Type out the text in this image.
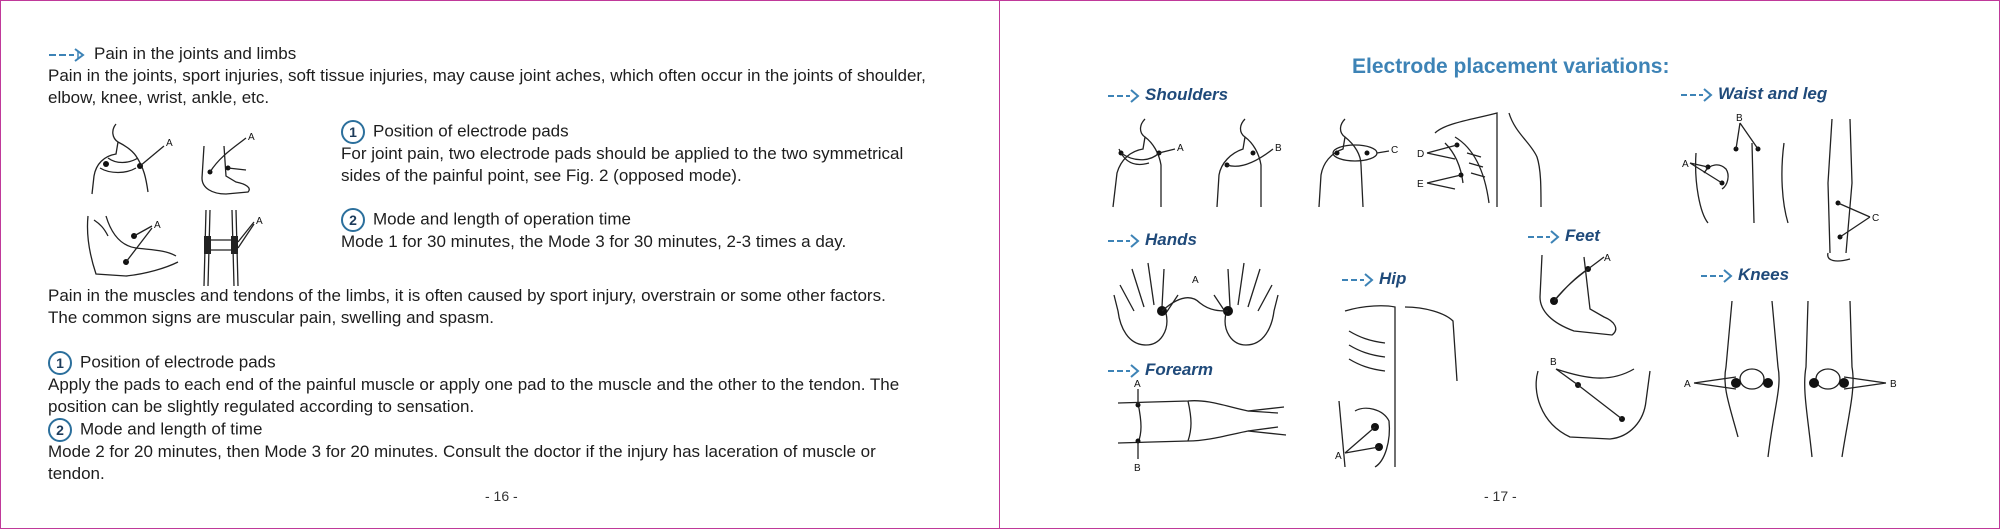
Pain in the joints and limbs
Pain in the joints, sport injuries, soft tissue injuries, may cause joint aches, which often occur in the joints of shoulder,
elbow, knee, wrist, ankle, etc.
A
A
A	A
1 Position of electrode pads
For joint pain, two electrode pads should be applied to the two symmetrical
sides of the painful point, see Fig. 2 (opposed mode).
2 Mode and length of operation time
Mode 1 for 30 minutes, the Mode 3 for 30 minutes, 2-3 times a day.
Pain in the muscles and tendons of the limbs, it is often caused by sport injury, overstrain or some other factors.
The common signs are muscular pain, swelling and spasm.
1 Position of electrode pads
Apply the pads to each end of the painful muscle or apply one pad to the muscle and the other to the tendon. The
position can be slightly regulated according to sensation.
2 Mode and length of time
Mode 2 for 20 minutes, then Mode 3 for 20 minutes. Consult the doctor if the injury has laceration of muscle or
tendon.
- 16 -
Electrode placement variations:
Shoulders
Hands	Feet
Hip
Forearm
Waist and leg
Knees
A	B	C D
E
A
A
B
A
A
B
A
B
C
A	B
- 17 -
